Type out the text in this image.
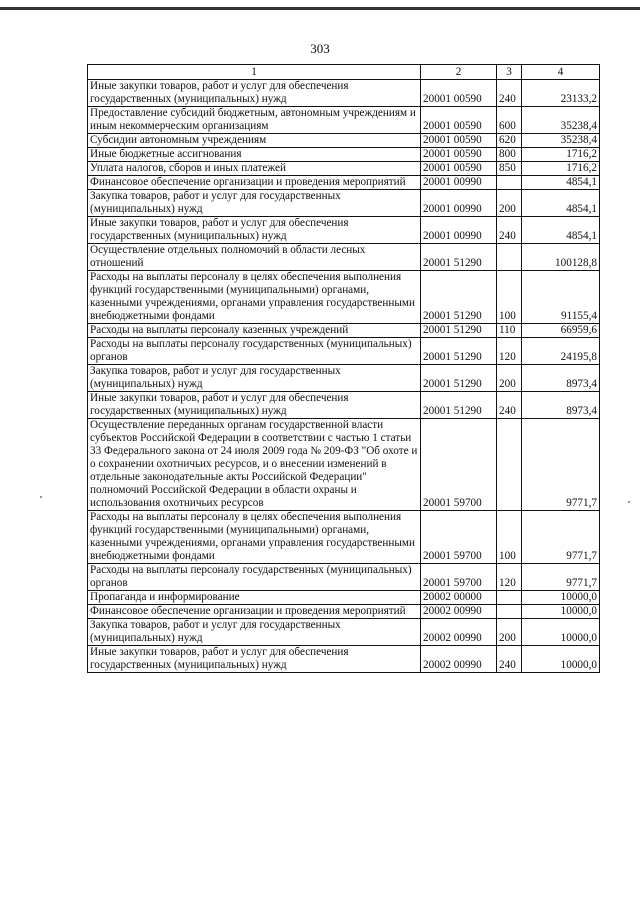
303
1	2	3	4
Иные закупки товаров, работ и услуг для обеспечения государственных (муниципальных) нужд	20001 00590	240	23133,2
Предоставление субсидий бюджетным, автономным учреждениям и иным некоммерческим организациям	20001 00590	600	35238,4
Субсидии автономным учреждениям	20001 00590	620	35238,4
Иные бюджетные ассигнования	20001 00590	800	1716,2
Уплата налогов, сборов и иных платежей	20001 00590	850	1716,2
Финансовое обеспечение организации и проведения мероприятий	20001 00990		4854,1
Закупка товаров, работ и услуг для государственных (муниципальных) нужд	20001 00990	200	4854,1
Иные закупки товаров, работ и услуг для обеспечения государственных (муниципальных) нужд	20001 00990	240	4854,1
Осуществление отдельных полномочий в области лесных отношений	20001 51290		100128,8
Расходы на выплаты персоналу в целях обеспечения выполнения функций государственными (муниципальными) органами, казенными учреждениями, органами управления государственными внебюджетными фондами	20001 51290	100	91155,4
Расходы на выплаты персоналу казенных учреждений	20001 51290	110	66959,6
Расходы на выплаты персоналу государственных (муниципальных) органов	20001 51290	120	24195,8
Закупка товаров, работ и услуг для государственных (муниципальных) нужд	20001 51290	200	8973,4
Иные закупки товаров, работ и услуг для обеспечения государственных (муниципальных) нужд	20001 51290	240	8973,4
Осуществление переданных органам государственной власти субъектов Российской Федерации в соответствии с частью 1 статьи 33 Федерального закона от 24 июля 2009 года № 209-ФЗ "Об охоте и о сохранении охотничьих ресурсов, и о внесении изменений в отдельные законодательные акты Российской Федерации" полномочий Российской Федерации в области охраны и использования охотничьих ресурсов	20001 59700		9771,7
Расходы на выплаты персоналу в целях обеспечения выполнения функций государственными (муниципальными) органами, казенными учреждениями, органами управления государственными внебюджетными фондами	20001 59700	100	9771,7
Расходы на выплаты персоналу государственных (муниципальных) органов	20001 59700	120	9771,7
Пропаганда и информирование	20002 00000		10000,0
Финансовое обеспечение организации и проведения мероприятий	20002 00990		10000,0
Закупка товаров, работ и услуг для государственных (муниципальных) нужд	20002 00990	200	10000,0
Иные закупки товаров, работ и услуг для обеспечения государственных (муниципальных) нужд	20002 00990	240	10000,0
